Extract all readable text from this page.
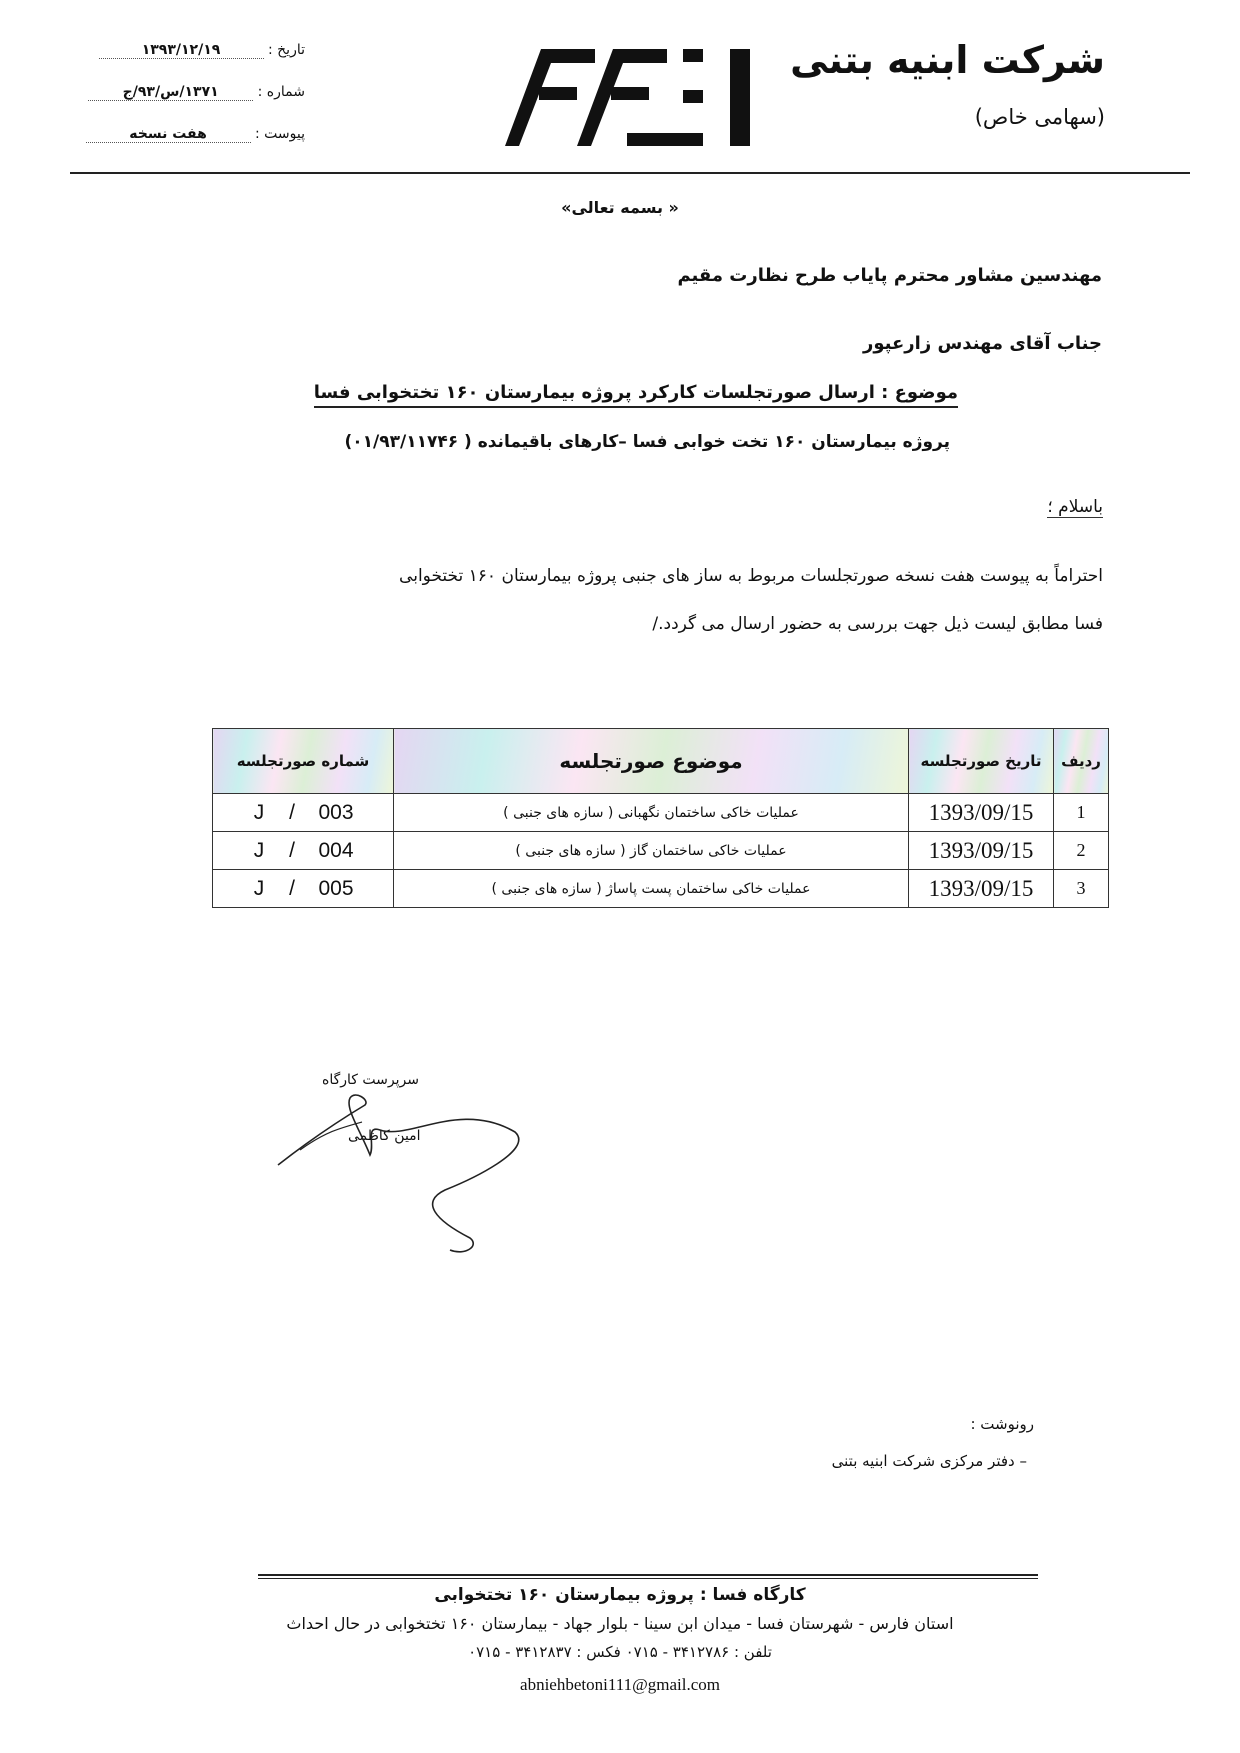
شرکت ابنیه بتنی
(سهامی خاص)
تاریخ : ۱۳۹۳/۱۲/۱۹
شماره : ۱۳۷۱/س/۹۳/ج
پیوست : هفت نسخه
« بسمه تعالی»
مهندسین مشاور محترم پایاب طرح نظارت مقیم
جناب آقای مهندس زارعپور
موضوع : ارسال صورتجلسات کارکرد پروژه بیمارستان ۱۶۰ تختخوابی فسا
پروژه بیمارستان ۱۶۰ تخت خوابی فسا –کارهای باقیمانده ( ۰۱/۹۳/۱۱۷۴۶)
باسلام ؛
احتراماً به پیوست هفت نسخه صورتجلسات مربوط به ساز های جنبی پروژه بیمارستان ۱۶۰ تختخوابی
فسا مطابق لیست ذیل جهت بررسی به حضور ارسال می گردد./
ردیف	تاریخ صورتجلسه	موضوع صورتجلسه	شماره صورتجلسه
1	1393/09/15	عملیات خاکی ساختمان نگهبانی ( سازه های جنبی )	J / 003
2	1393/09/15	عملیات خاکی ساختمان گاز ( سازه های جنبی )	J / 004
3	1393/09/15	عملیات خاکی ساختمان پست پاساژ ( سازه های جنبی )	J / 005
سرپرست کارگاه
امین کاظمی
رونوشت :
– دفتر مرکزی شرکت ابنیه بتنی
کارگاه فسا : پروژه بیمارستان ۱۶۰ تختخوابی
استان فارس - شهرستان فسا - میدان ابن سینا - بلوار جهاد - بیمارستان ۱۶۰ تختخوابی در حال احداث
تلفن : ۳۴۱۲۷۸۶ - ۰۷۱۵ فکس : ۳۴۱۲۸۳۷ - ۰۷۱۵
abniehbetoni111@gmail.com
